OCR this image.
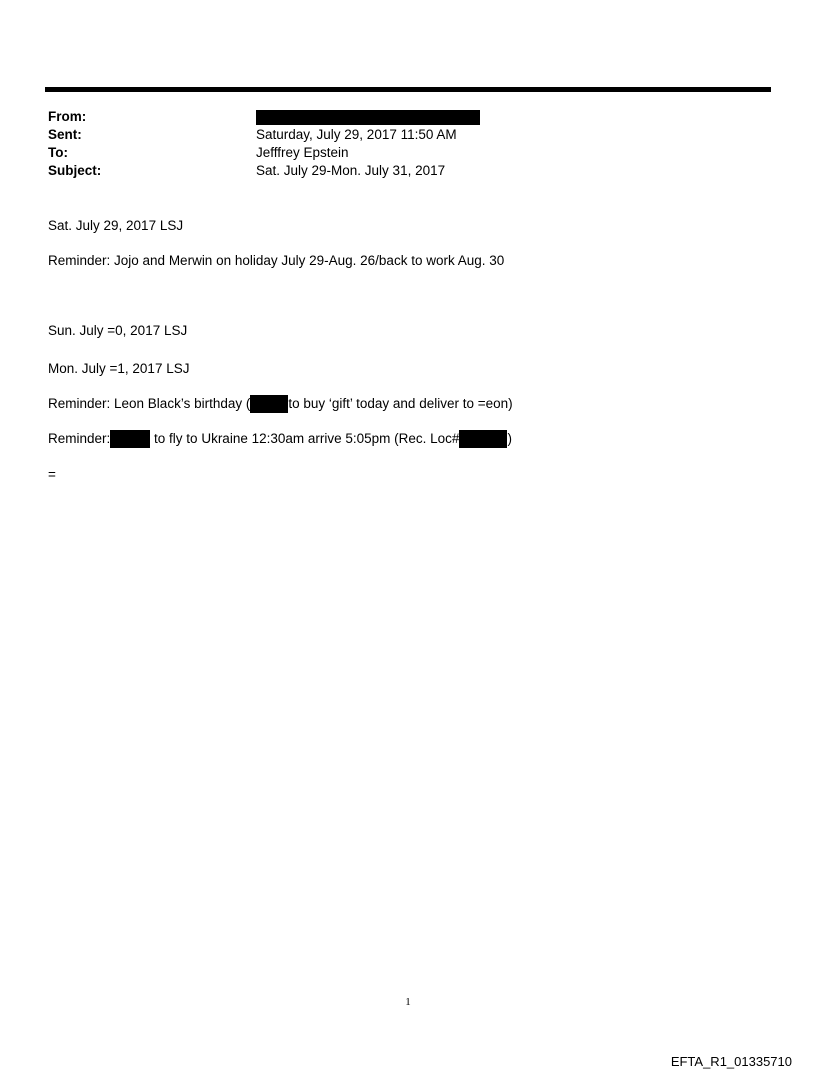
From:
Sent:	Saturday, July 29, 2017 11:50 AM
To:	Jefffrey Epstein
Subject:	Sat. July 29-Mon. July 31, 2017
Sat. July 29, 2017 LSJ
Reminder: Jojo and Merwin on holiday July 29-Aug. 26/back to work Aug. 30
Sun. July =0, 2017 LSJ
Mon. July =1, 2017 LSJ
Reminder: Leon Black’s birthday (	to buy ‘gift’ today and deliver to =eon)
Reminder:	to fly to Ukraine 12:30am arrive 5:05pm (Rec. Loc#	)
=
1
EFTA_R1_01335710
